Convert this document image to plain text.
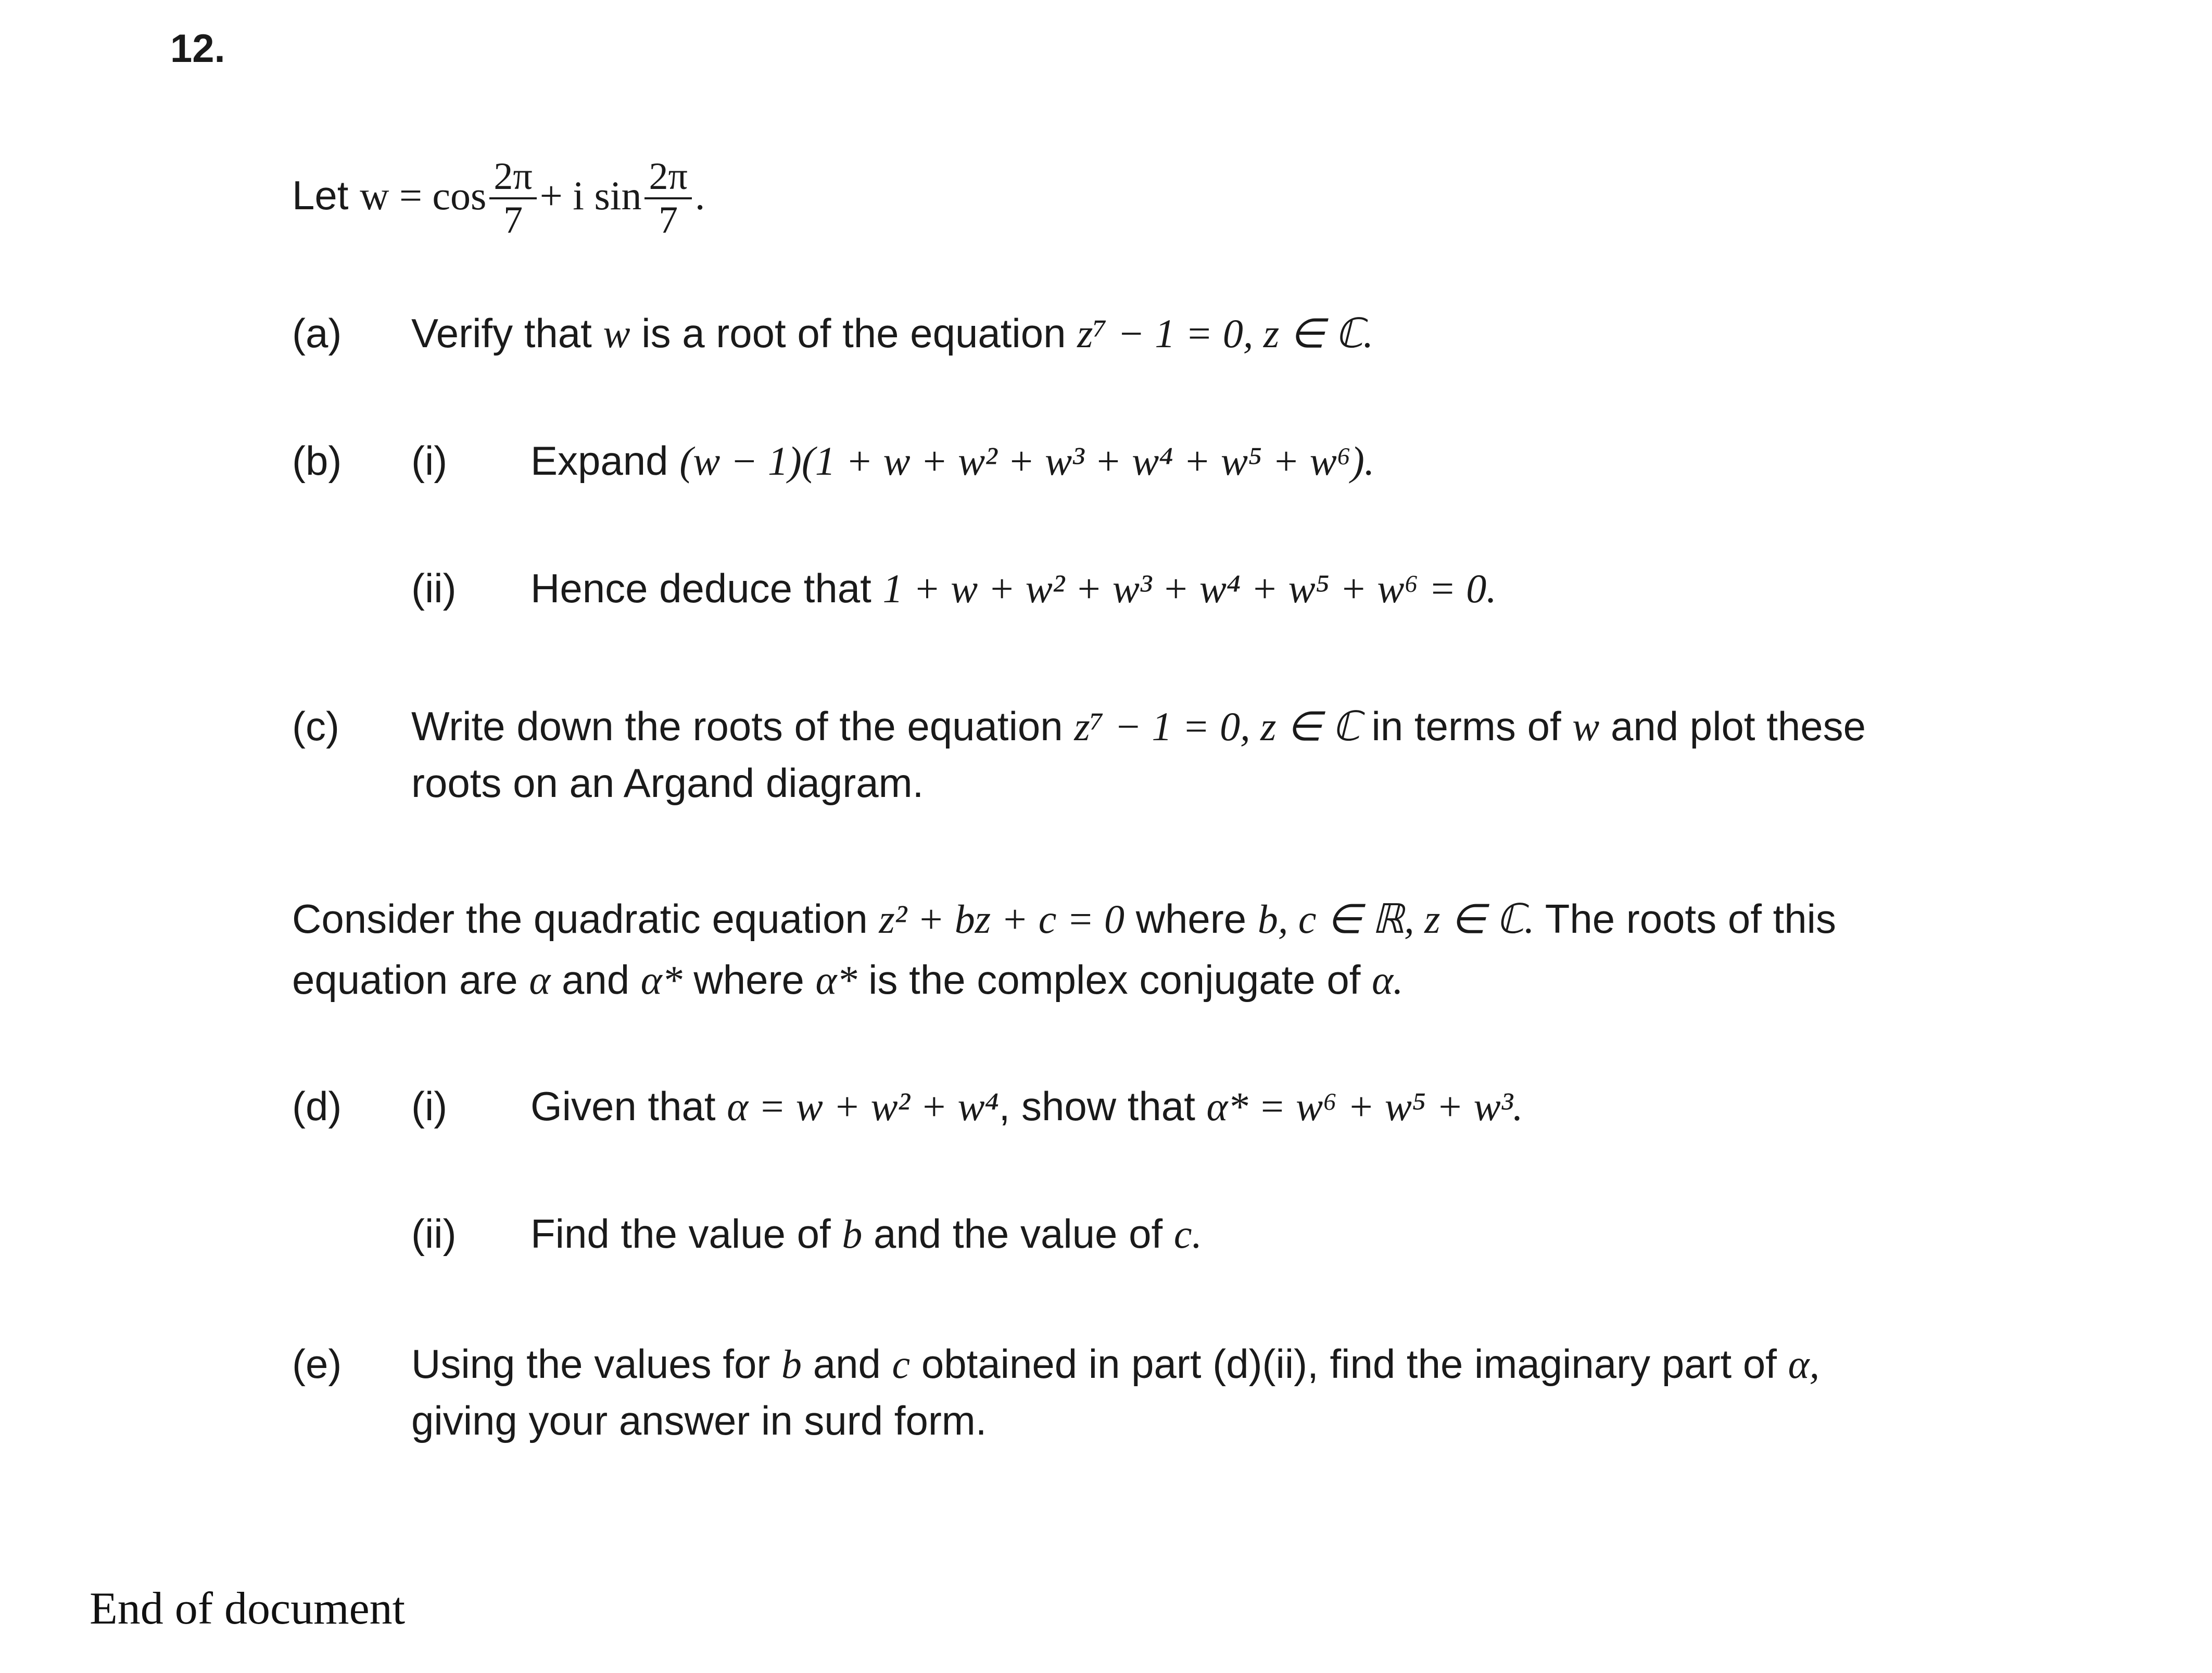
12.
Let $w = \cos \frac{2\pi}{7} + i$ $\sin \frac{2\pi}{7}$ .
(a) Verify that w is a root of the equation z⁷ − 1 = 0, z ∈ ℂ.
(b) (i) Expand (w − 1)(1 + w + w² + w³ + w⁴ + w⁵ + w⁶).
(ii) Hence deduce that 1 + w + w² + w³ + w⁴ + w⁵ + w⁶ = 0.
(c) Write down the roots of the equation z⁷ − 1 = 0, z ∈ ℂ in terms of w and plot these
roots on an Argand diagram.
Consider the quadratic equation z² + bz + c = 0 where b, c ∈ ℝ, z ∈ ℂ. The roots of this
equation are α and α* where α* is the complex conjugate of α.
(d) (i) Given that α = w + w² + w⁴, show that α* = w⁶ + w⁵ + w³.
(ii) Find the value of b and the value of c.
(e) Using the values for b and c obtained in part (d)(ii), find the imaginary part of α,
giving your answer in surd form.
End of document
